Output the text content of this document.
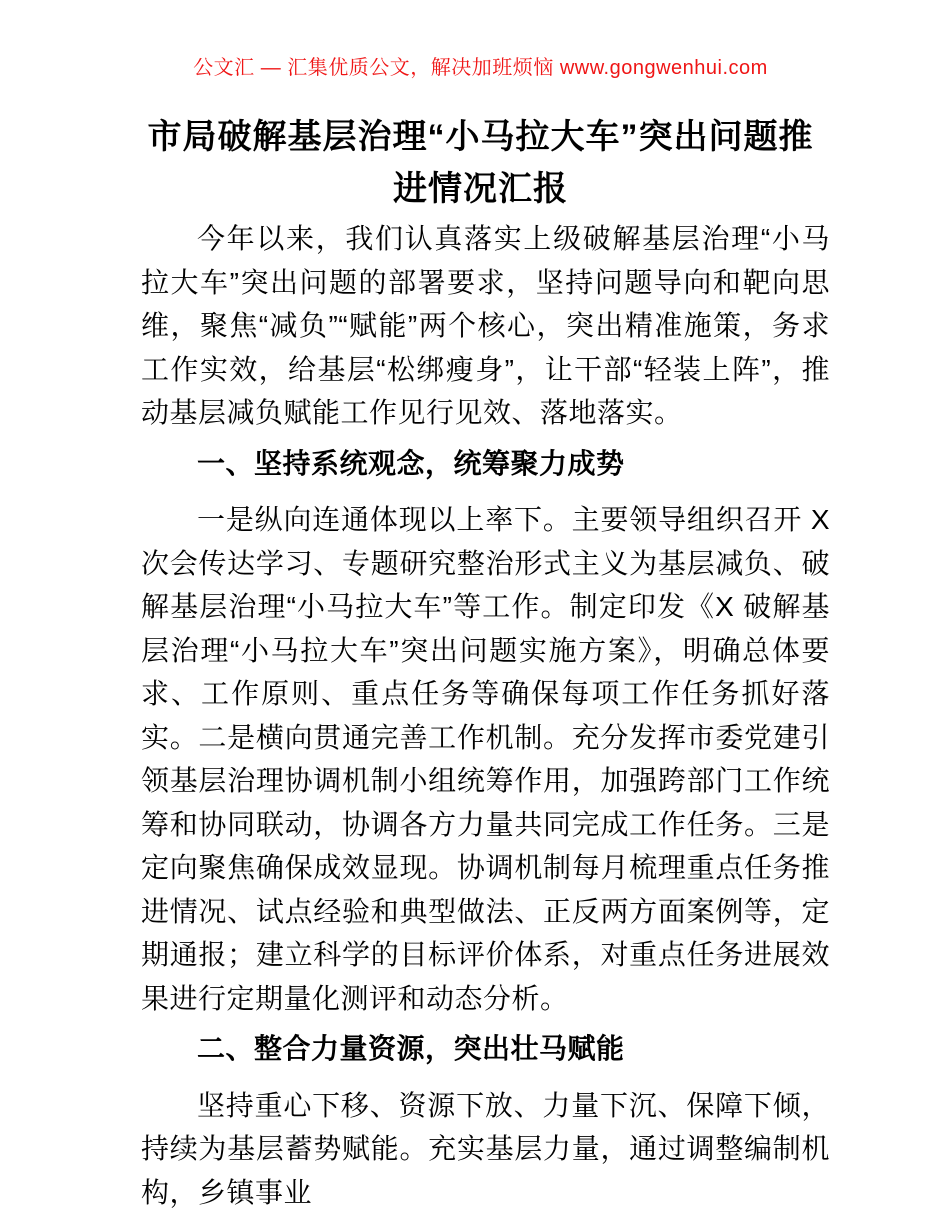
公文汇 — 汇集优质公文，解决加班烦恼 www.gongwenhui.com
市局破解基层治理“小马拉大车”突出问题推进情况汇报

今年以来，我们认真落实上级破解基层治理“小马拉大车”突出问题的部署要求，坚持问题导向和靶向思维，聚焦“减负”“赋能”两个核心，突出精准施策，务求工作实效，给基层“松绑瘦身”，让干部“轻装上阵”，推动基层减负赋能工作见行见效、落地落实。

一、坚持系统观念，统筹聚力成势

一是纵向连通体现以上率下。主要领导组织召开 X 次会传达学习、专题研究整治形式主义为基层减负、破解基层治理“小马拉大车”等工作。制定印发《X 破解基层治理“小马拉大车”突出问题实施方案》，明确总体要求、工作原则、重点任务等确保每项工作任务抓好落实。二是横向贯通完善工作机制。充分发挥市委党建引领基层治理协调机制小组统筹作用，加强跨部门工作统筹和协同联动，协调各方力量共同完成工作任务。三是定向聚焦确保成效显现。协调机制每月梳理重点任务推进情况、试点经验和典型做法、正反两方面案例等，定期通报；建立科学的目标评价体系，对重点任务进展效果进行定期量化测评和动态分析。

二、整合力量资源，突出壮马赋能

坚持重心下移、资源下放、力量下沉、保障下倾，持续为基层蓄势赋能。充实基层力量，通过调整编制机构，乡镇事业
